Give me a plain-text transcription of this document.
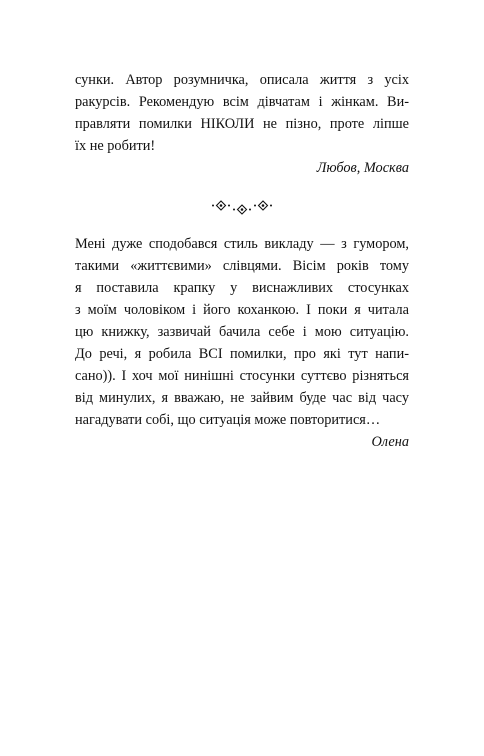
сунки. Автор розумничка, описала життя з усіх
ракурсів. Рекомендую всім дівчатам і жінкам. Ви-
правляти помилки НІКОЛИ не пізно, проте ліпше
їх не робити!
Любов, Москва
Мені дуже сподобався стиль викладу — з гумором,
такими «життєвими» слівцями. Вісім років тому
я поставила крапку у виснажливих стосунках
з моїм чоловіком і його коханкою. І поки я читала
цю книжку, зазвичай бачила себе і мою ситуацію.
До речі, я робила ВСІ помилки, про які тут напи-
сано)). І хоч мої нинішні стосунки суттєво різняться
від минулих, я вважаю, не зайвим буде час від часу
нагадувати собі, що ситуація може повторитися…
Олена
